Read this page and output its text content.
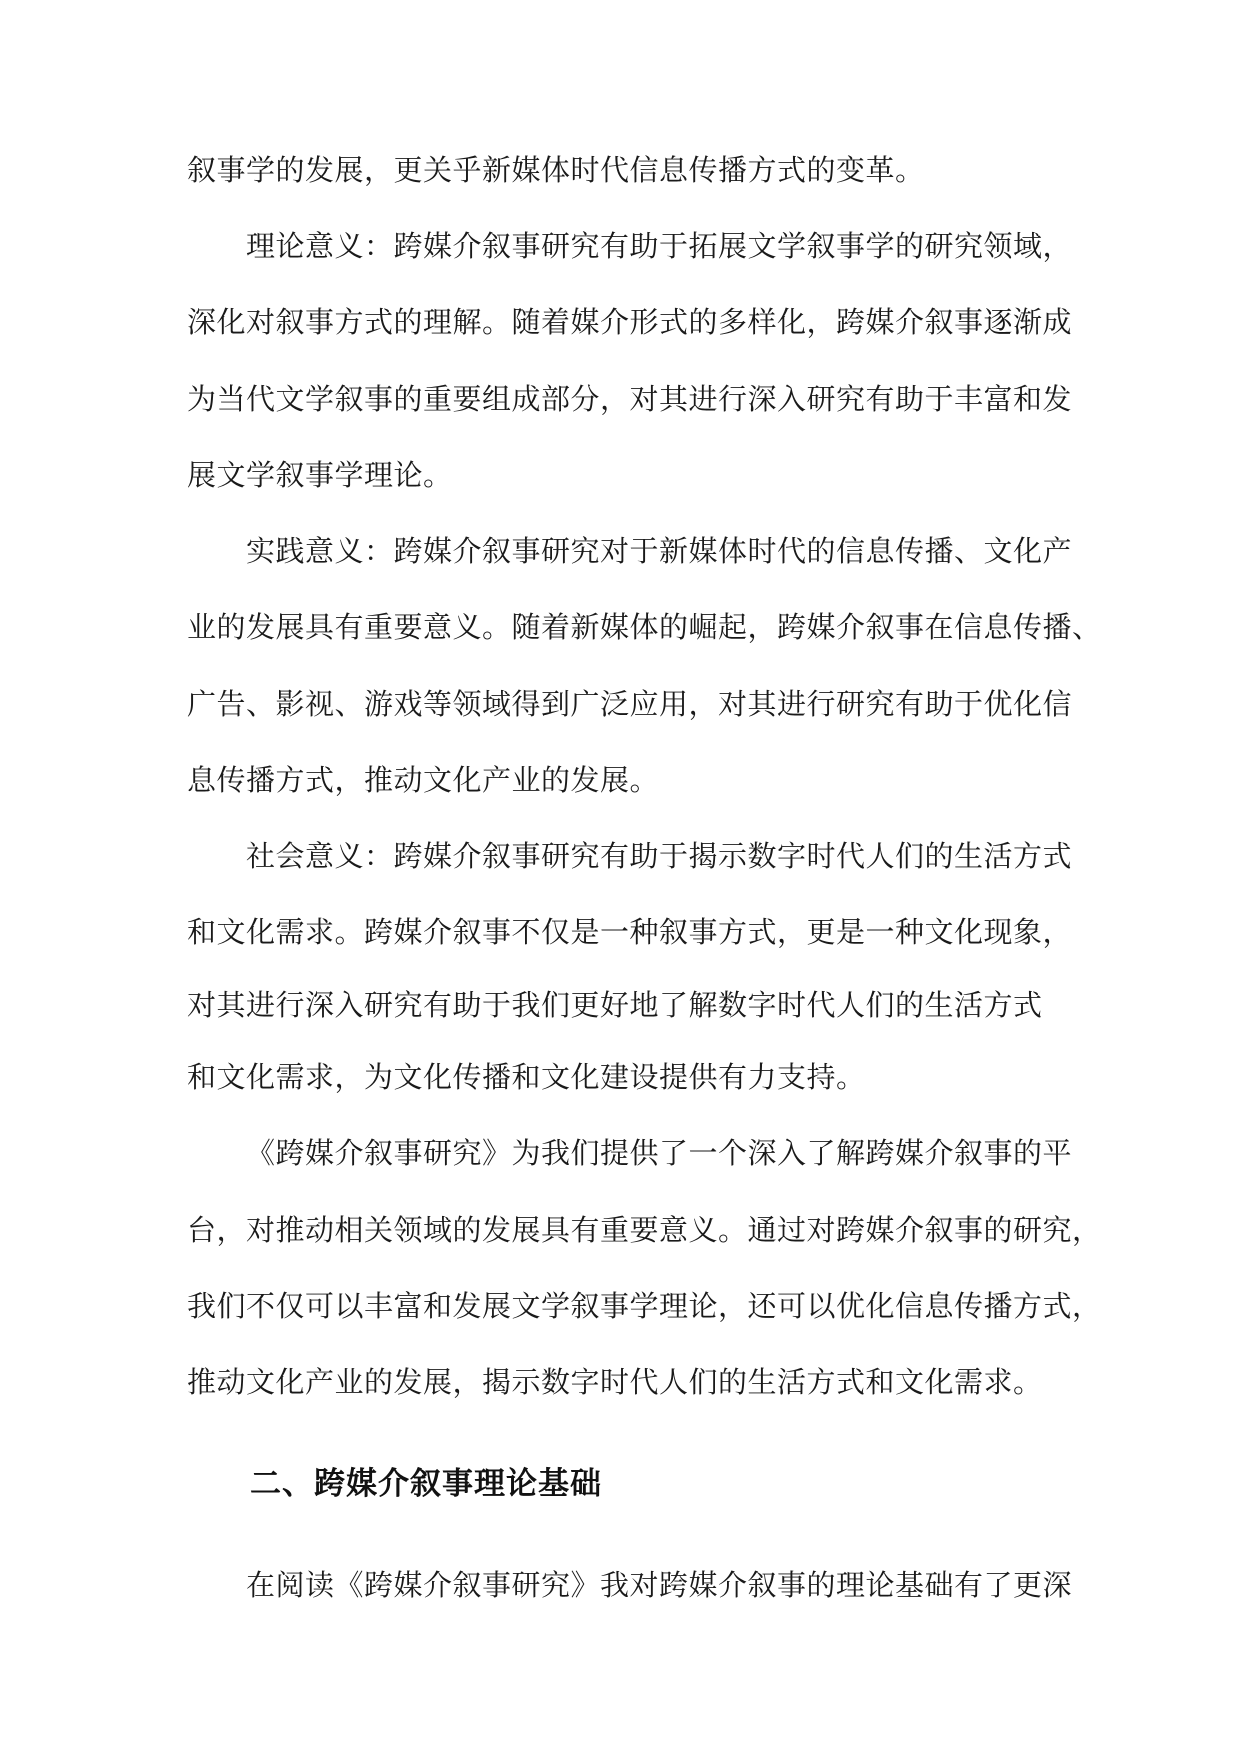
叙事学的发展，更关乎新媒体时代信息传播方式的变革。
理论意义：跨媒介叙事研究有助于拓展文学叙事学的研究领域，
深化对叙事方式的理解。随着媒介形式的多样化，跨媒介叙事逐渐成
为当代文学叙事的重要组成部分，对其进行深入研究有助于丰富和发
展文学叙事学理论。
实践意义：跨媒介叙事研究对于新媒体时代的信息传播、文化产
业的发展具有重要意义。随着新媒体的崛起，跨媒介叙事在信息传播、
广告、影视、游戏等领域得到广泛应用，对其进行研究有助于优化信
息传播方式，推动文化产业的发展。
社会意义：跨媒介叙事研究有助于揭示数字时代人们的生活方式
和文化需求。跨媒介叙事不仅是一种叙事方式，更是一种文化现象，
对其进行深入研究有助于我们更好地了解数字时代人们的生活方式
和文化需求，为文化传播和文化建设提供有力支持。
《跨媒介叙事研究》为我们提供了一个深入了解跨媒介叙事的平
台，对推动相关领域的发展具有重要意义。通过对跨媒介叙事的研究，
我们不仅可以丰富和发展文学叙事学理论，还可以优化信息传播方式，
推动文化产业的发展，揭示数字时代人们的生活方式和文化需求。
二、跨媒介叙事理论基础
在阅读《跨媒介叙事研究》我对跨媒介叙事的理论基础有了更深
